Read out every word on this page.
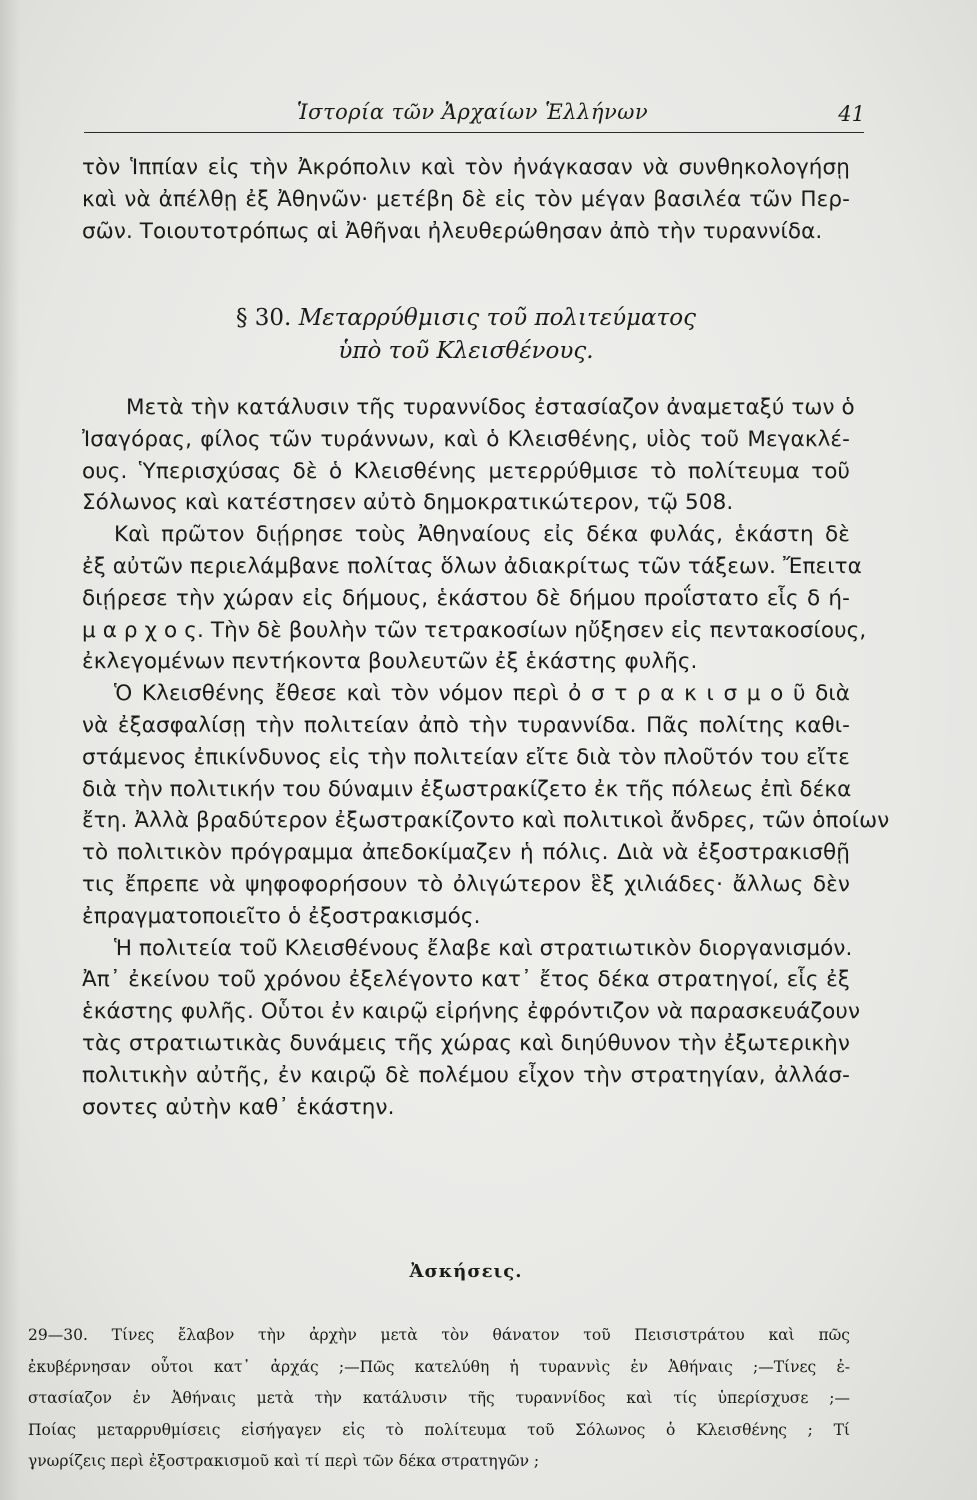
Ἱστορία τῶν Ἀρχαίων Ἑλλήνων	41
τὸν Ἱππίαν εἰς τὴν Ἀκρόπολιν καὶ τὸν ἠνάγκασαν νὰ συνθηκολογήσῃ
καὶ νὰ ἀπέλθῃ ἐξ Ἀθηνῶν· μετέβη δὲ εἰς τὸν μέγαν βασιλέα τῶν Περ-
σῶν. Τοιουτοτρόπως αἱ Ἀθῆναι ἠλευθερώθησαν ἀπὸ τὴν τυραννίδα.
§ 30. Μεταρρύθμισις τοῦ πολιτεύματος
ὑπὸ τοῦ Κλεισθένους.
Μετὰ τὴν κατάλυσιν τῆς τυραννίδος ἐστασίαζον ἀναμεταξύ των ὁ
Ἰσαγόρας, φίλος τῶν τυράννων, καὶ ὁ Κλεισθένης, υἱὸς τοῦ Μεγακλέ-
ους. Ὑπερισχύσας δὲ ὁ Κλεισθένης μετερρύθμισε τὸ πολίτευμα τοῦ
Σόλωνος καὶ κατέστησεν αὐτὸ δημοκρατικώτερον, τῷ 508.
Καὶ πρῶτον διῄρησε τοὺς Ἀθηναίους εἰς δέκα φυλάς, ἑκάστη δὲ
ἐξ αὐτῶν περιελάμβανε πολίτας ὅλων ἀδιακρίτως τῶν τάξεων. Ἔπειτα
διῄρεσε τὴν χώραν εἰς δήμους, ἑκάστου δὲ δήμου προΐστατο εἷς δ ή-
μ α ρ χ ο ς. Τὴν δὲ βουλὴν τῶν τετρακοσίων ηὔξησεν εἰς πεντακοσίους,
ἐκλεγομένων πεντήκοντα βουλευτῶν ἐξ ἑκάστης φυλῆς.
Ὁ Κλεισθένης ἔθεσε καὶ τὸν νόμον περὶ ὀ σ τ ρ α κ ι σ μ ο ῦ διὰ
νὰ ἐξασφαλίσῃ τὴν πολιτείαν ἀπὸ τὴν τυραννίδα. Πᾶς πολίτης καθι-
στάμενος ἐπικίνδυνος εἰς τὴν πολιτείαν εἴτε διὰ τὸν πλοῦτόν του εἴτε
διὰ τὴν πολιτικήν του δύναμιν ἐξωστρακίζετο ἐκ τῆς πόλεως ἐπὶ δέκα
ἔτη. Ἀλλὰ βραδύτερον ἐξωστρακίζοντο καὶ πολιτικοὶ ἄνδρες, τῶν ὁποίων
τὸ πολιτικὸν πρόγραμμα ἀπεδοκίμαζεν ἡ πόλις. Διὰ νὰ ἐξοστρακισθῇ
τις ἔπρεπε νὰ ψηφοφορήσουν τὸ ὀλιγώτερον ἓξ χιλιάδες· ἄλλως δὲν
ἐπραγματοποιεῖτο ὁ ἐξοστρακισμός.
Ἡ πολιτεία τοῦ Κλεισθένους ἔλαβε καὶ στρατιωτικὸν διοργανισμόν.
Ἀπ᾿ ἐκείνου τοῦ χρόνου ἐξελέγοντο κατ᾿ ἔτος δέκα στρατηγοί, εἷς ἐξ
ἑκάστης φυλῆς. Οὗτοι ἐν καιρῷ εἰρήνης ἐφρόντιζον νὰ παρασκευάζουν
τὰς στρατιωτικὰς δυνάμεις τῆς χώρας καὶ διηύθυνον τὴν ἐξωτερικὴν
πολιτικὴν αὐτῆς, ἐν καιρῷ δὲ πολέμου εἶχον τὴν στρατηγίαν, ἀλλάσ-
σοντες αὐτὴν καθ᾿ ἑκάστην.
Ἀσκήσεις.
29—30. Τίνες ἔλαβον τὴν ἀρχὴν μετὰ τὸν θάνατον τοῦ Πεισιστράτου καὶ πῶς
ἐκυβέρνησαν οὗτοι κατ᾿ ἀρχάς ;—Πῶς κατελύθη ἡ τυραννὶς ἐν Ἀθήναις ;—Τίνες ἐ-
στασίαζον ἐν Ἀθήναις μετὰ τὴν κατάλυσιν τῆς τυραννίδος καὶ τίς ὑπερίσχυσε ;—
Ποίας μεταρρυθμίσεις εἰσήγαγεν εἰς τὸ πολίτευμα τοῦ Σόλωνος ὁ Κλεισθένης ; Τί
γνωρίζεις περὶ ἐξοστρακισμοῦ καὶ τί περὶ τῶν δέκα στρατηγῶν ;
